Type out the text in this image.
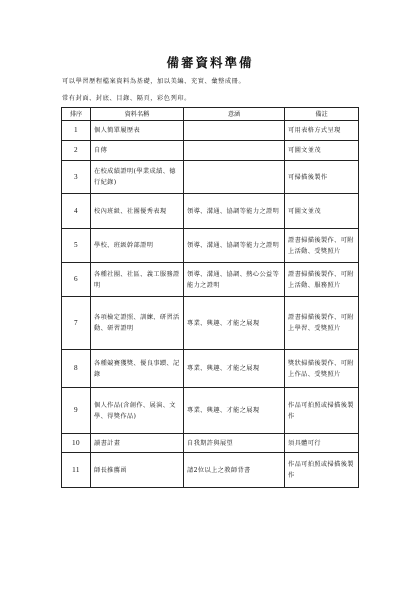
備審資料準備
可以學習歷程檔案資料為基礎，加以美編、充實、彙整成冊。
常有封面、封底、目錄、隔頁，彩色列印。
排序	資料名稱	意涵	備註
1	個人簡單履歷表		可用表格方式呈現
2	自傳		可圖文並茂
3	在校成績證明(學業成績、德行紀錄)		可掃描後製作
4	校內班級、社團優秀表現	領導、溝通、協調等能力之證明	可圖文並茂
5	學校、班級幹部證明	領導、溝通、協調等能力之證明	證書掃描後製作、可附上活動、受獎照片
6	各種社團、社區、義工服務證明	領導、溝通、協調、熱心公益等能力之證明	證書掃描後製作、可附上活動、服務照片
7	各項檢定證照、訓練、研習活動、研習證明	專業、興趣、才能之展現	證書掃描後製作、可附上學習、受獎照片
8	各種競賽獲獎、優良事蹟、記錄	專業、興趣、才能之展現	獎狀掃描後製作、可附上作品、受獎照片
9	個人作品(含創作、展演、文學、得獎作品)	專業、興趣、才能之展現	作品可拍照或掃描後製作
10	讀書計畫	自我期許與展望	須具體可行
11	師長推薦函	請2位以上之教師背書	作品可拍照或掃描後製作
